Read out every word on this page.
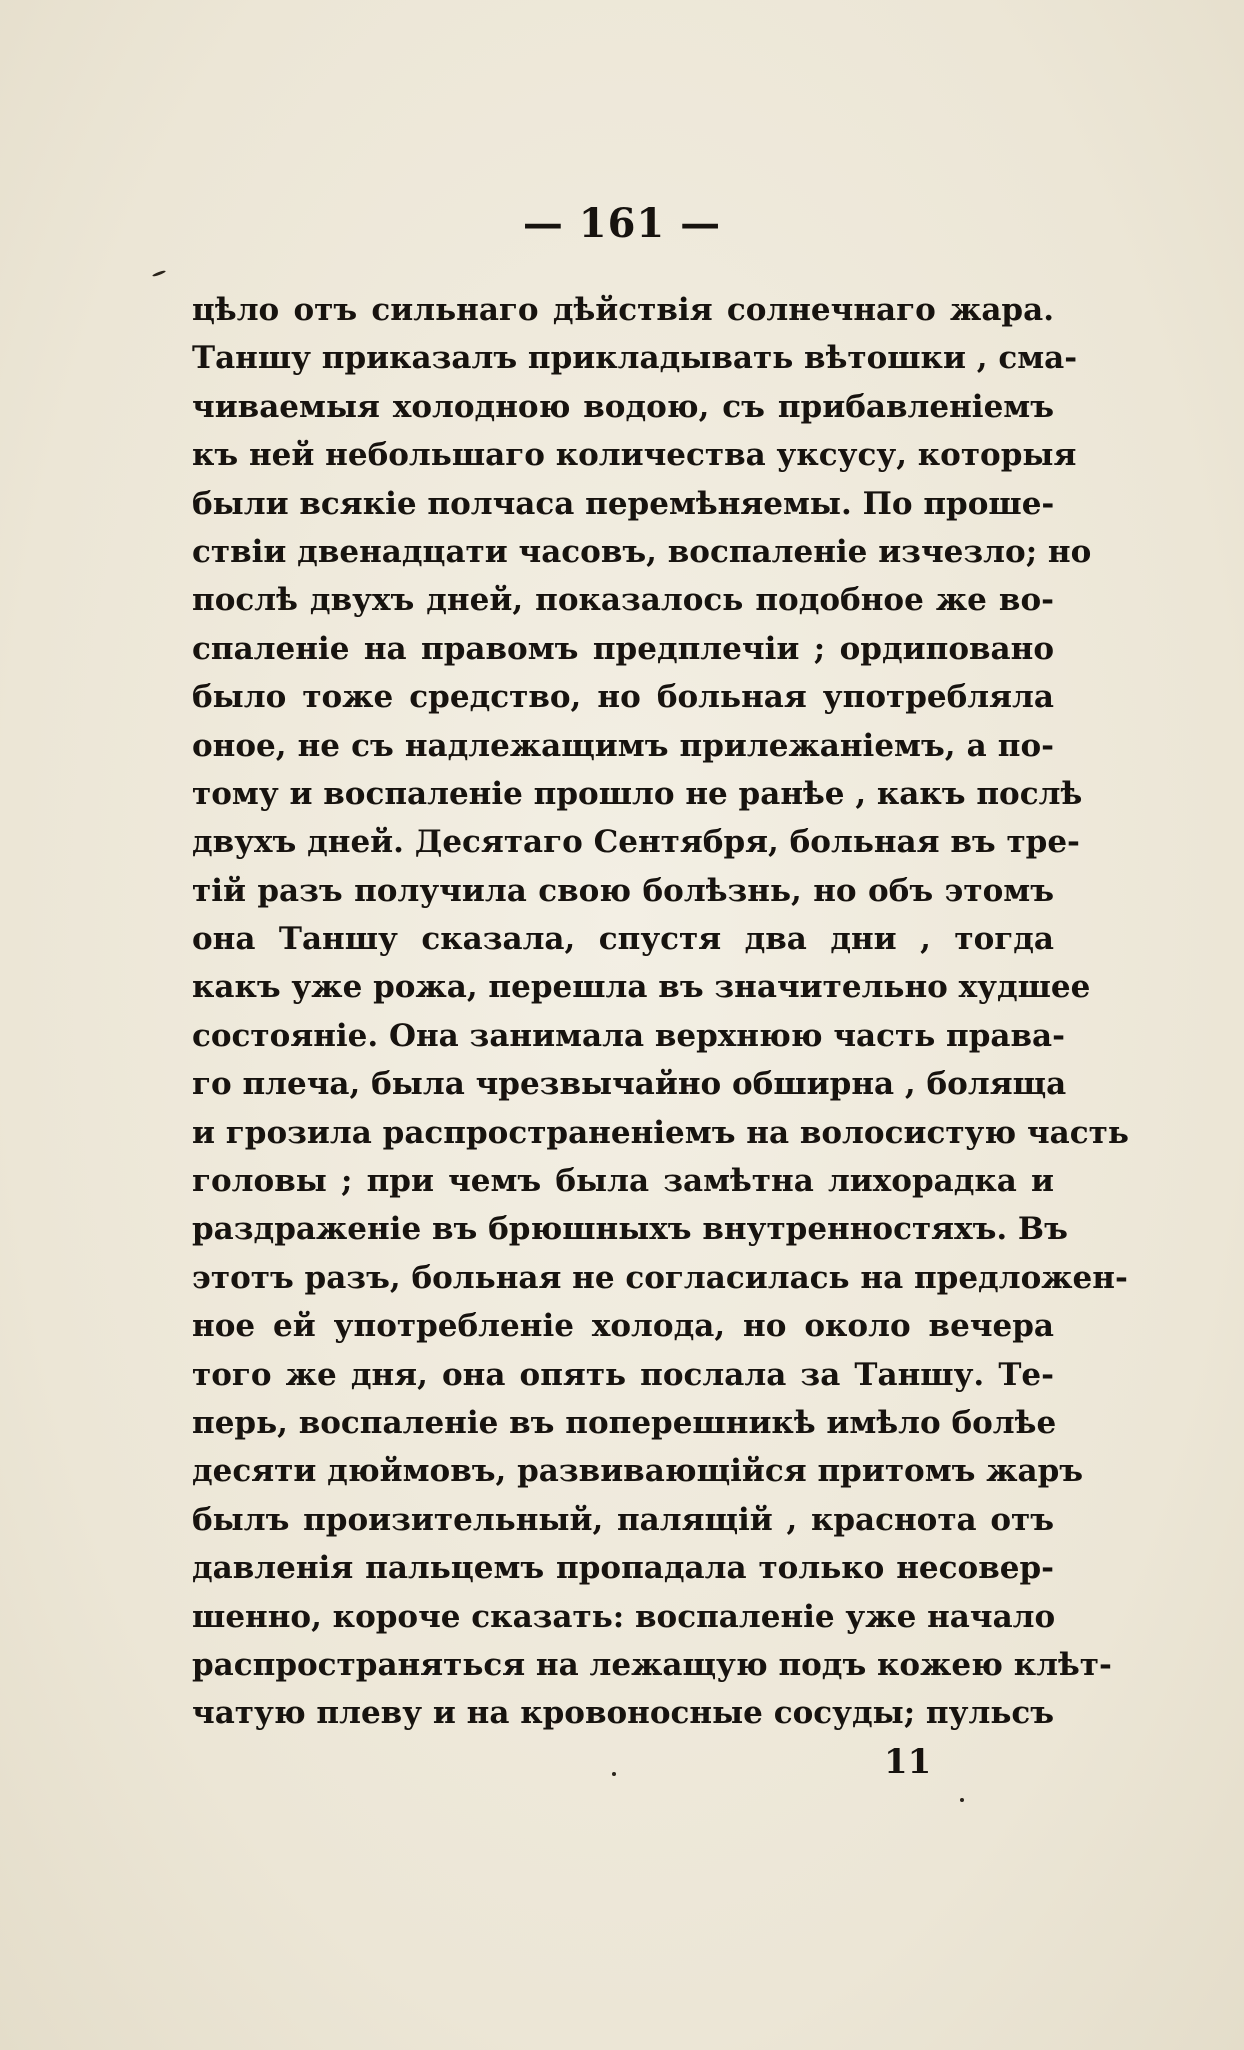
— 161 —
цѣло отъ сильнаго дѣйствія солнечнаго жара.
Таншу приказалъ прикладывать вѣтошки , сма-
чиваемыя холодною водою, съ прибавленіемъ
къ ней небольшаго количества уксусу, которыя
были всякіе полчаса перемѣняемы. По проше-
ствіи двенадцати часовъ, воспаленіе изчезло; но
послѣ двухъ дней, показалось подобное же во-
спаленіе на правомъ предплечіи ; ордиповано
было тоже средство, но больная употребляла
оное, не съ надлежащимъ прилежаніемъ, а по-
тому и воспаленіе прошло не ранѣе , какъ послѣ
двухъ дней. Десятаго Сентября, больная въ тре-
тій разъ получила свою болѣзнь, но объ этомъ
она Таншу сказала, спустя два дни , тогда
какъ уже рожа, перешла въ значительно худшее
состояніе. Она занимала верхнюю часть права-
го плеча, была чрезвычайно обширна , болящa
и грозила распространеніемъ на волосистую часть
головы ; при чемъ была замѣтна лихорадка и
раздраженіе въ брюшныхъ внутренностяхъ. Въ
этотъ разъ, больная не согласилась на предложен-
ное ей употребленіе холода, но около вечера
того же дня, она опять послала за Таншу. Те-
перь, воспаленіе въ поперешникѣ имѣло болѣе
десяти дюймовъ, развивающійся притомъ жаръ
былъ произительный, палящій , краснота отъ
давленія пальцемъ пропадала только несовер-
шенно, короче сказать: воспаленіе уже начало
распространяться на лежащую подъ кожею клѣт-
чатую плеву и на кровоносные сосуды; пульсъ
11
